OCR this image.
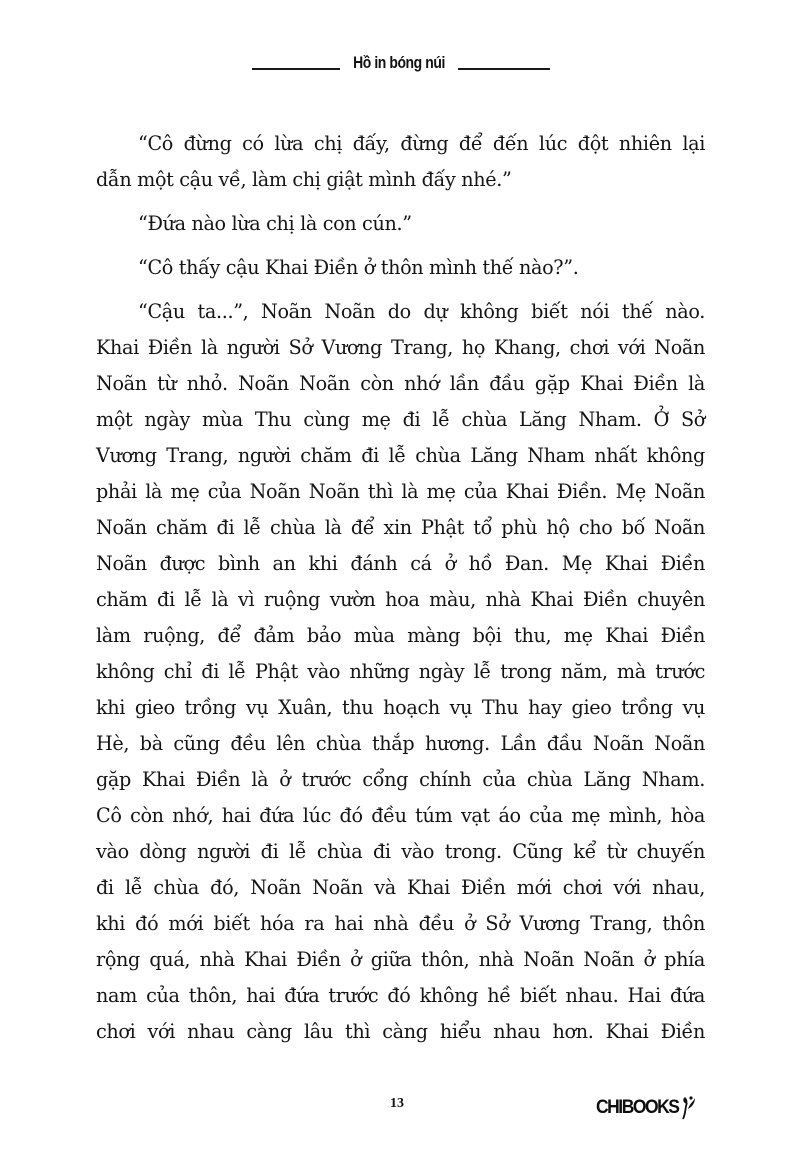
Hồ in bóng núi
“Cô đừng có lừa chị đấy, đừng để đến lúc đột nhiên lại
dẫn một cậu về, làm chị giật mình đấy nhé.”
“Đứa nào lừa chị là con cún.”
“Cô thấy cậu Khai Điền ở thôn mình thế nào?”.
“Cậu ta...”, Noãn Noãn do dự không biết nói thế nào.
Khai Điền là người Sở Vương Trang, họ Khang, chơi với Noãn
Noãn từ nhỏ. Noãn Noãn còn nhớ lần đầu gặp Khai Điền là
một ngày mùa Thu cùng mẹ đi lễ chùa Lăng Nham. Ở Sở
Vương Trang, người chăm đi lễ chùa Lăng Nham nhất không
phải là mẹ của Noãn Noãn thì là mẹ của Khai Điền. Mẹ Noãn
Noãn chăm đi lễ chùa là để xin Phật tổ phù hộ cho bố Noãn
Noãn được bình an khi đánh cá ở hồ Đan. Mẹ Khai Điền
chăm đi lễ là vì ruộng vườn hoa màu, nhà Khai Điền chuyên
làm ruộng, để đảm bảo mùa màng bội thu, mẹ Khai Điền
không chỉ đi lễ Phật vào những ngày lễ trong năm, mà trước
khi gieo trồng vụ Xuân, thu hoạch vụ Thu hay gieo trồng vụ
Hè, bà cũng đều lên chùa thắp hương. Lần đầu Noãn Noãn
gặp Khai Điền là ở trước cổng chính của chùa Lăng Nham.
Cô còn nhớ, hai đứa lúc đó đều túm vạt áo của mẹ mình, hòa
vào dòng người đi lễ chùa đi vào trong. Cũng kể từ chuyến
đi lễ chùa đó, Noãn Noãn và Khai Điền mới chơi với nhau,
khi đó mới biết hóa ra hai nhà đều ở Sở Vương Trang, thôn
rộng quá, nhà Khai Điền ở giữa thôn, nhà Noãn Noãn ở phía
nam của thôn, hai đứa trước đó không hề biết nhau. Hai đứa
chơi với nhau càng lâu thì càng hiểu nhau hơn. Khai Điền
13	CHIBOOKS
